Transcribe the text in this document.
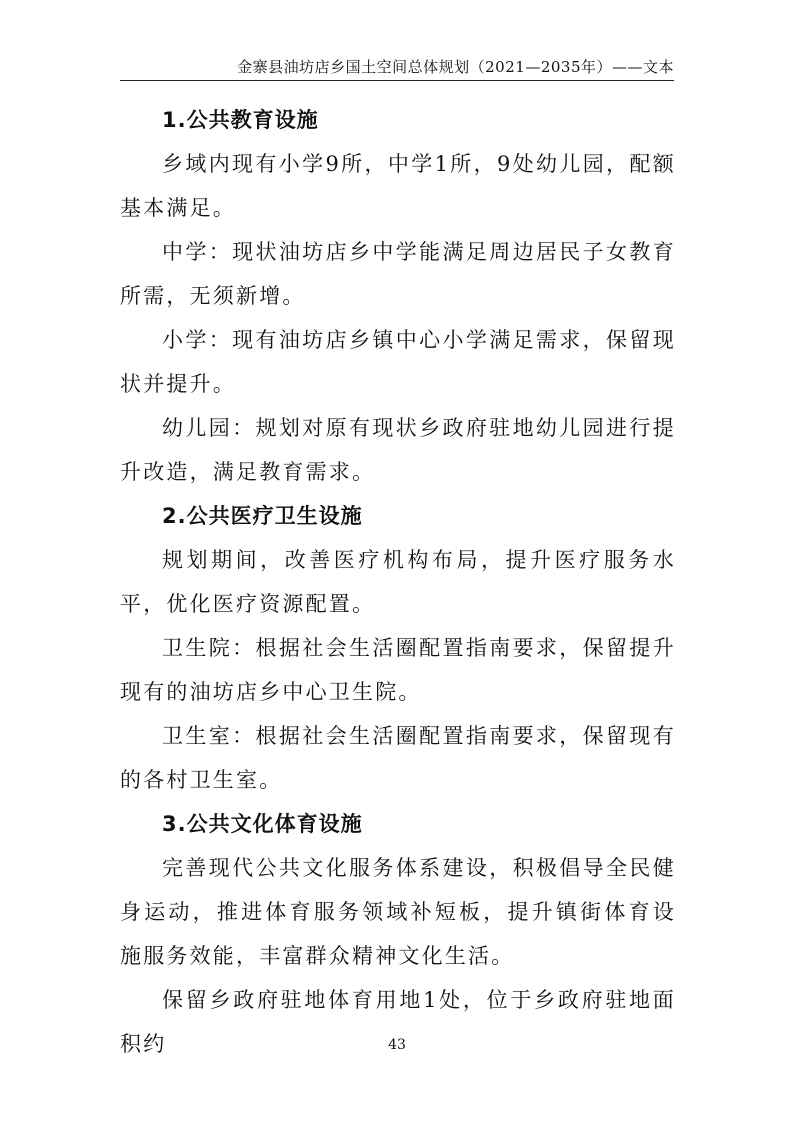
金寨县油坊店乡国土空间总体规划（2021—2035年）——文本

1.公共教育设施

乡域内现有小学9所，中学1所，9处幼儿园，配额基本满足。

中学：现状油坊店乡中学能满足周边居民子女教育所需，无须新增。

小学：现有油坊店乡镇中心小学满足需求，保留现状并提升。

幼儿园：规划对原有现状乡政府驻地幼儿园进行提升改造，满足教育需求。

2.公共医疗卫生设施

规划期间，改善医疗机构布局，提升医疗服务水平，优化医疗资源配置。

卫生院：根据社会生活圈配置指南要求，保留提升现有的油坊店乡中心卫生院。

卫生室：根据社会生活圈配置指南要求，保留现有的各村卫生室。

3.公共文化体育设施

完善现代公共文化服务体系建设，积极倡导全民健身运动，推进体育服务领域补短板，提升镇街体育设施服务效能，丰富群众精神文化生活。

保留乡政府驻地体育用地1处，位于乡政府驻地面积约	43
